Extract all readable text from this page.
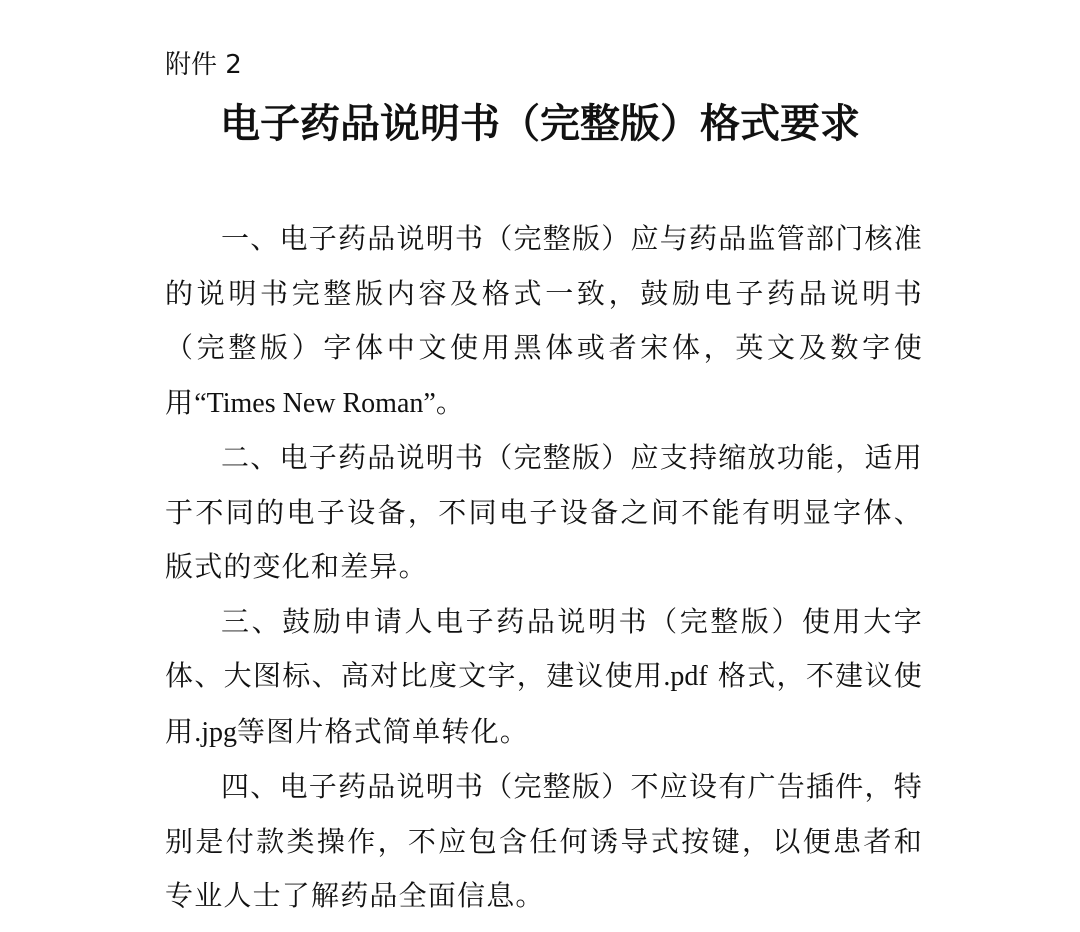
附件 2
电子药品说明书（完整版）格式要求

一、电子药品说明书（完整版）应与药品监管部门核准的说明书完整版内容及格式一致，鼓励电子药品说明书（完整版）字体中文使用黑体或者宋体，英文及数字使用“Times New Roman”。

二、电子药品说明书（完整版）应支持缩放功能，适用于不同的电子设备，不同电子设备之间不能有明显字体、版式的变化和差异。

三、鼓励申请人电子药品说明书（完整版）使用大字体、大图标、高对比度文字，建议使用.pdf 格式，不建议使用.jpg等图片格式简单转化。

四、电子药品说明书（完整版）不应设有广告插件，特别是付款类操作，不应包含任何诱导式按键，以便患者和专业人士了解药品全面信息。
